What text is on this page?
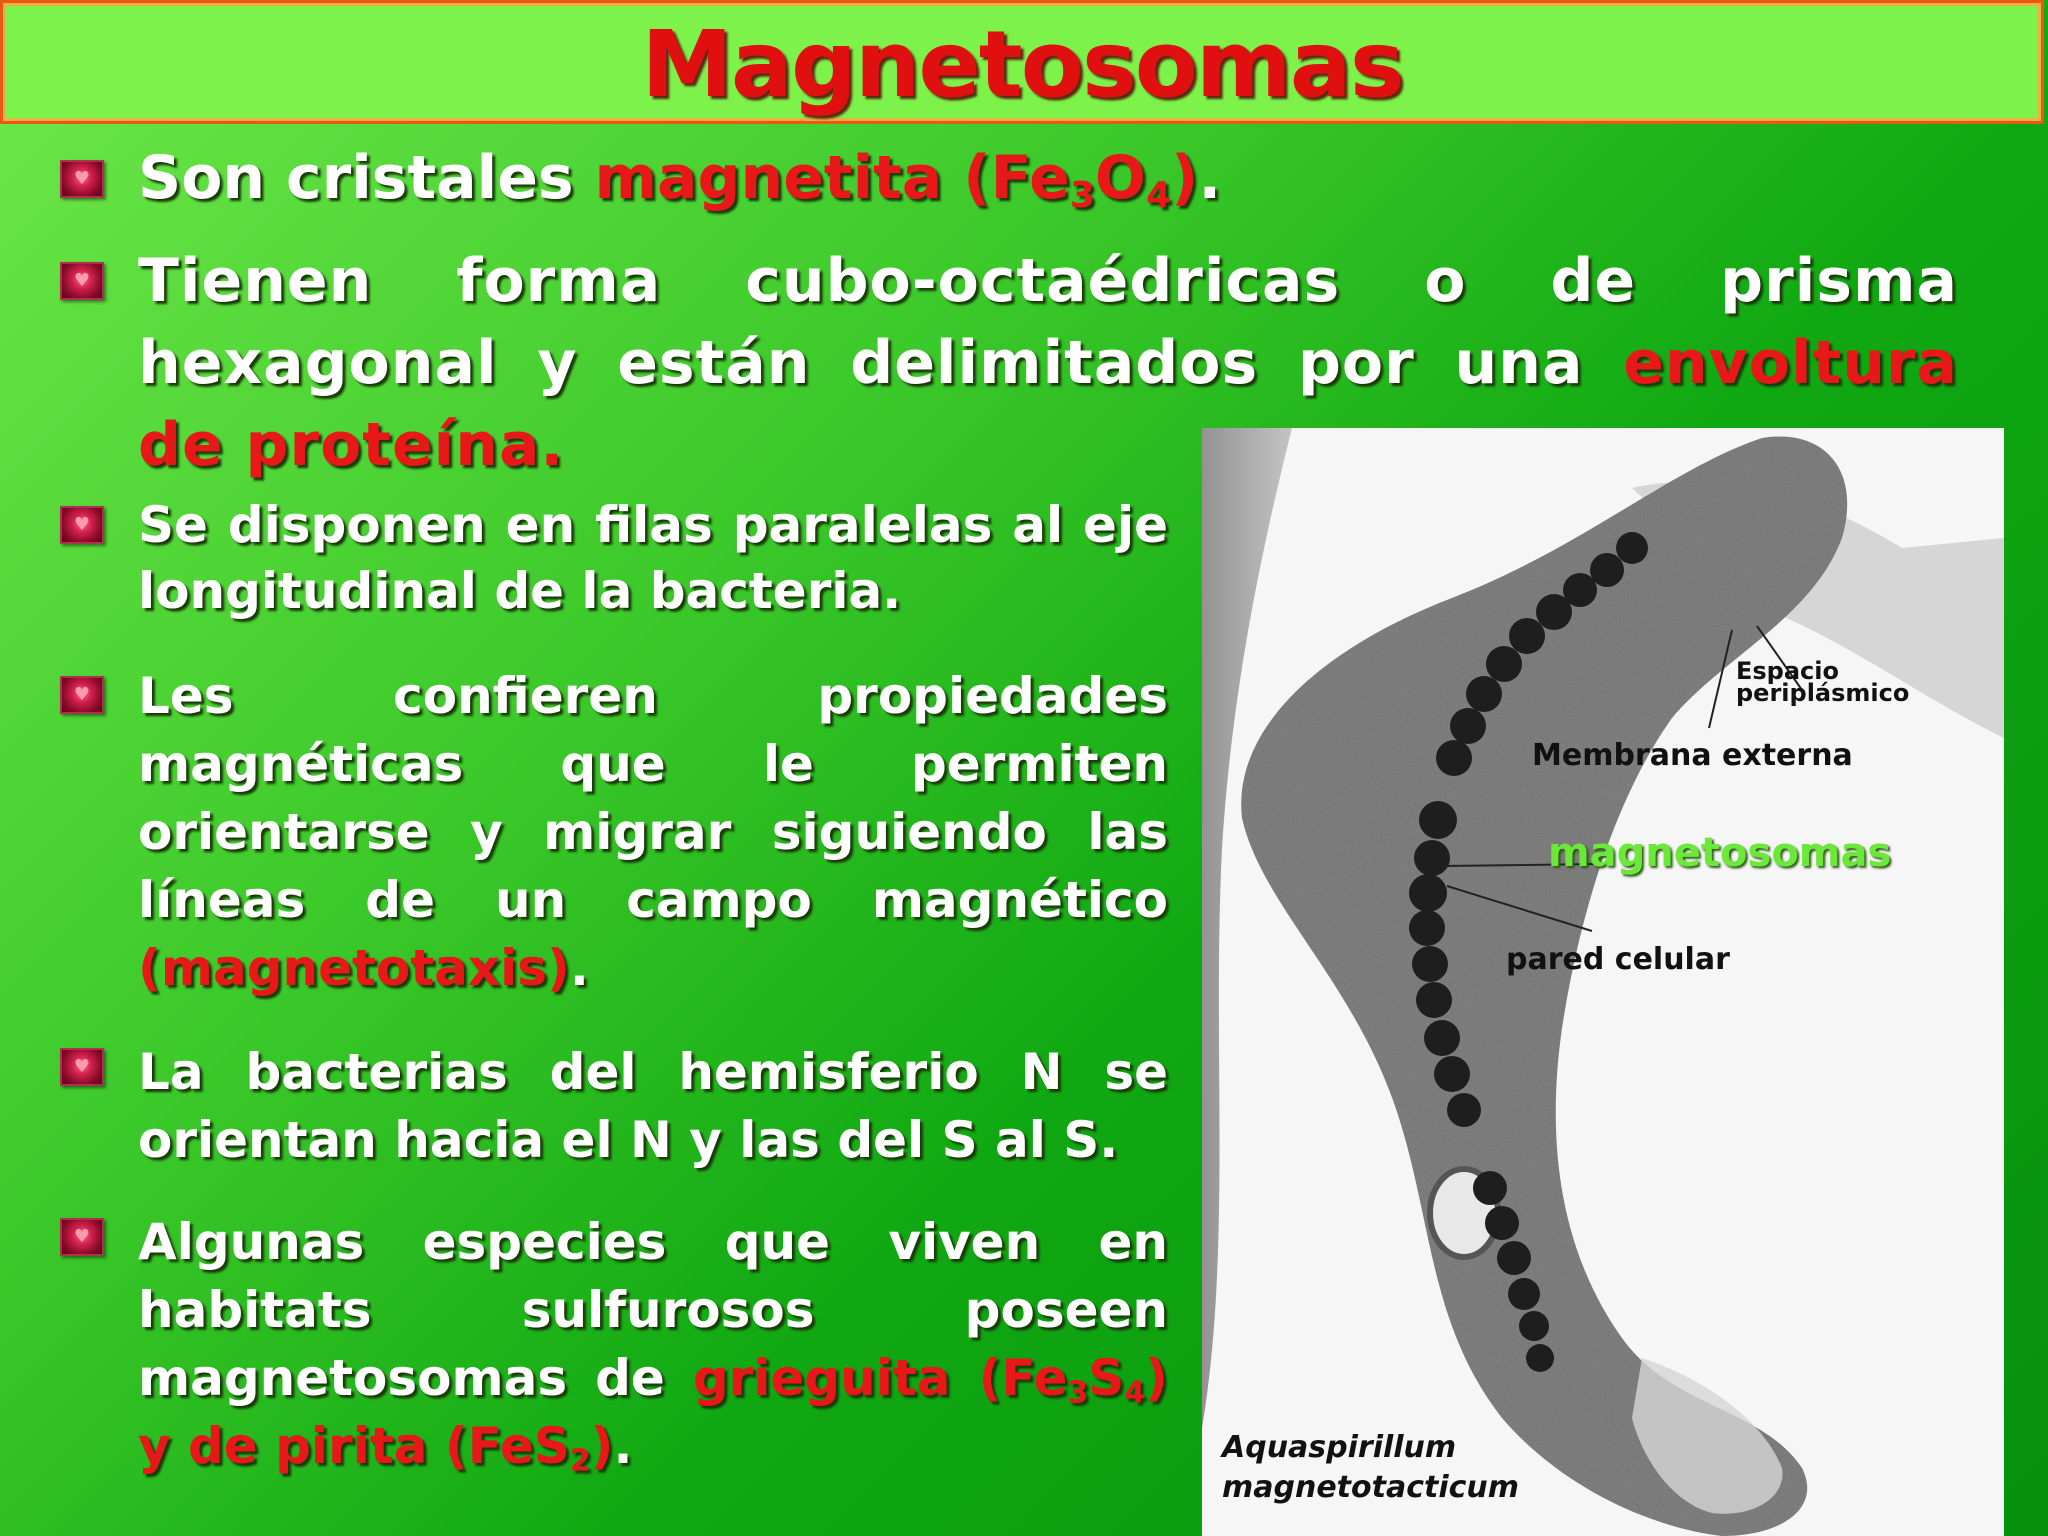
Magnetosomas
♥
Son cristales magnetita $(Fe_3O_4)$.
♥
Tienen forma cubo-octaédricas o de prisma hexagonal y están delimitados por una envoltura de proteína.
♥
Se disponen en filas paralelas al eje longitudinal de la bacteria.
♥
Les confieren propiedades magnéticas que le permiten orientarse y migrar siguiendo las líneas de un campo magnético (magnetotaxis).
♥
La bacterias del hemisferio N se orientan hacia el N y las del S al S.
♥
Algunas especies que viven en habitats sulfurosos poseen magnetosomas de grieguita $(Fe_3S_4)$ y de pirita (FeS$_2$).
Espacio
periplásmico
Membrana externa
magnetosomas
pared celular
Aquaspirillum
magnetotacticum
